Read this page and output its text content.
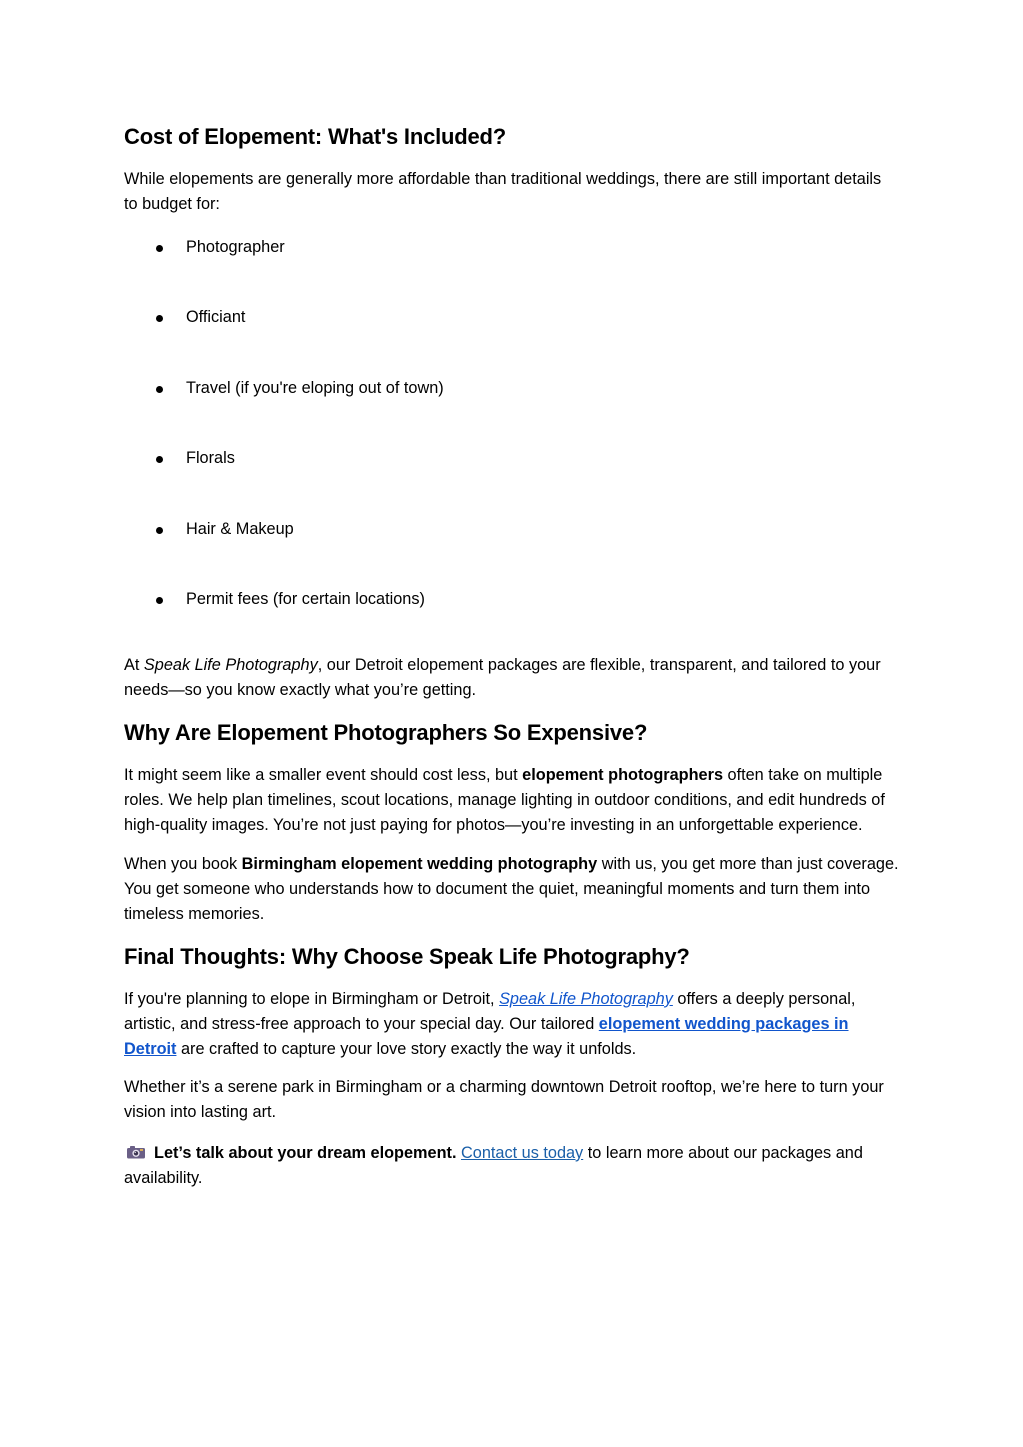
Cost of Elopement: What's Included?

While elopements are generally more affordable than traditional weddings, there are still important details to budget for:

Photographer
Officiant
Travel (if you're eloping out of town)
Florals
Hair & Makeup
Permit fees (for certain locations)

At Speak Life Photography, our Detroit elopement packages are flexible, transparent, and tailored to your needs—so you know exactly what you’re getting.

Why Are Elopement Photographers So Expensive?

It might seem like a smaller event should cost less, but elopement photographers often take on multiple roles. We help plan timelines, scout locations, manage lighting in outdoor conditions, and edit hundreds of high-quality images. You’re not just paying for photos—you’re investing in an unforgettable experience.

When you book Birmingham elopement wedding photography with us, you get more than just coverage. You get someone who understands how to document the quiet, meaningful moments and turn them into timeless memories.

Final Thoughts: Why Choose Speak Life Photography?

If you're planning to elope in Birmingham or Detroit, Speak Life Photography offers a deeply personal, artistic, and stress-free approach to your special day. Our tailored elopement wedding packages in Detroit are crafted to capture your love story exactly the way it unfolds.

Whether it’s a serene park in Birmingham or a charming downtown Detroit rooftop, we’re here to turn your vision into lasting art.

Let’s talk about your dream elopement. Contact us today to learn more about our packages and availability.
